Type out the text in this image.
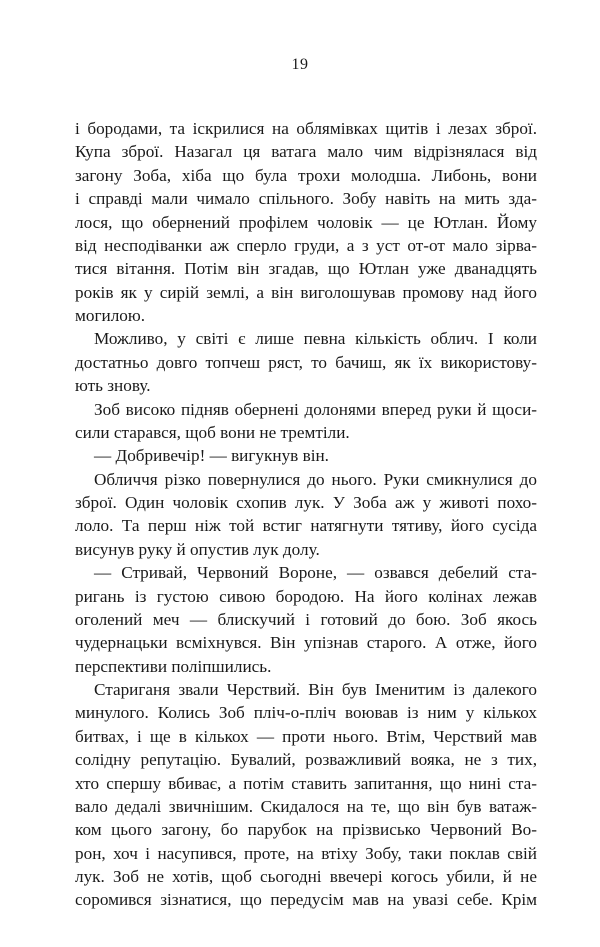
19
і бородами, та іскрилися на облямівках щитів і лезах зброї.
Купа зброї. Назагал ця ватага мало чим відрізнялася від
загону Зоба, хіба що була трохи молодша. Либонь, вони
і справді мали чимало спільного. Зобу навіть на мить зда-
лося, що обернений профілем чоловік — це Ютлан. Йому
від несподіванки аж сперло груди, а з уст от-от мало зірва-
тися вітання. Потім він згадав, що Ютлан уже дванадцять
років як у сирій землі, а він виголошував промову над його
могилою.
Можливо, у світі є лише певна кількість облич. І коли
достатньо довго топчеш ряст, то бачиш, як їх використову-
ють знову.
Зоб високо підняв обернені долонями вперед руки й щоси-
сили старався, щоб вони не тремтіли.
— Добривечір! — вигукнув він.
Обличчя різко повернулися до нього. Руки смикнулися до
зброї. Один чоловік схопив лук. У Зоба аж у животі похо-
лоло. Та перш ніж той встиг натягнути тятиву, його сусіда
висунув руку й опустив лук долу.
— Стривай, Червоний Вороне, — озвався дебелий ста-
ригань із густою сивою бородою. На його колінах лежав
оголений меч — блискучий і готовий до бою. Зоб якось
чудернацьки всміхнувся. Він упізнав старого. А отже, його
перспективи поліпшились.
Стариганя звали Черствий. Він був Іменитим із далекого
минулого. Колись Зоб пліч-о-пліч воював із ним у кількох
битвах, і ще в кількох — проти нього. Втім, Черствий мав
солідну репутацію. Бувалий, розважливий вояка, не з тих,
хто спершу вбиває, а потім ставить запитання, що нині ста-
вало дедалі звичнішим. Скидалося на те, що він був ватаж-
ком цього загону, бо парубок на прізвисько Червоний Во-
рон, хоч і насупився, проте, на втіху Зобу, таки поклав свій
лук. Зоб не хотів, щоб сьогодні ввечері когось убили, й не
соромився зізнатися, що передусім мав на увазі себе. Крім
